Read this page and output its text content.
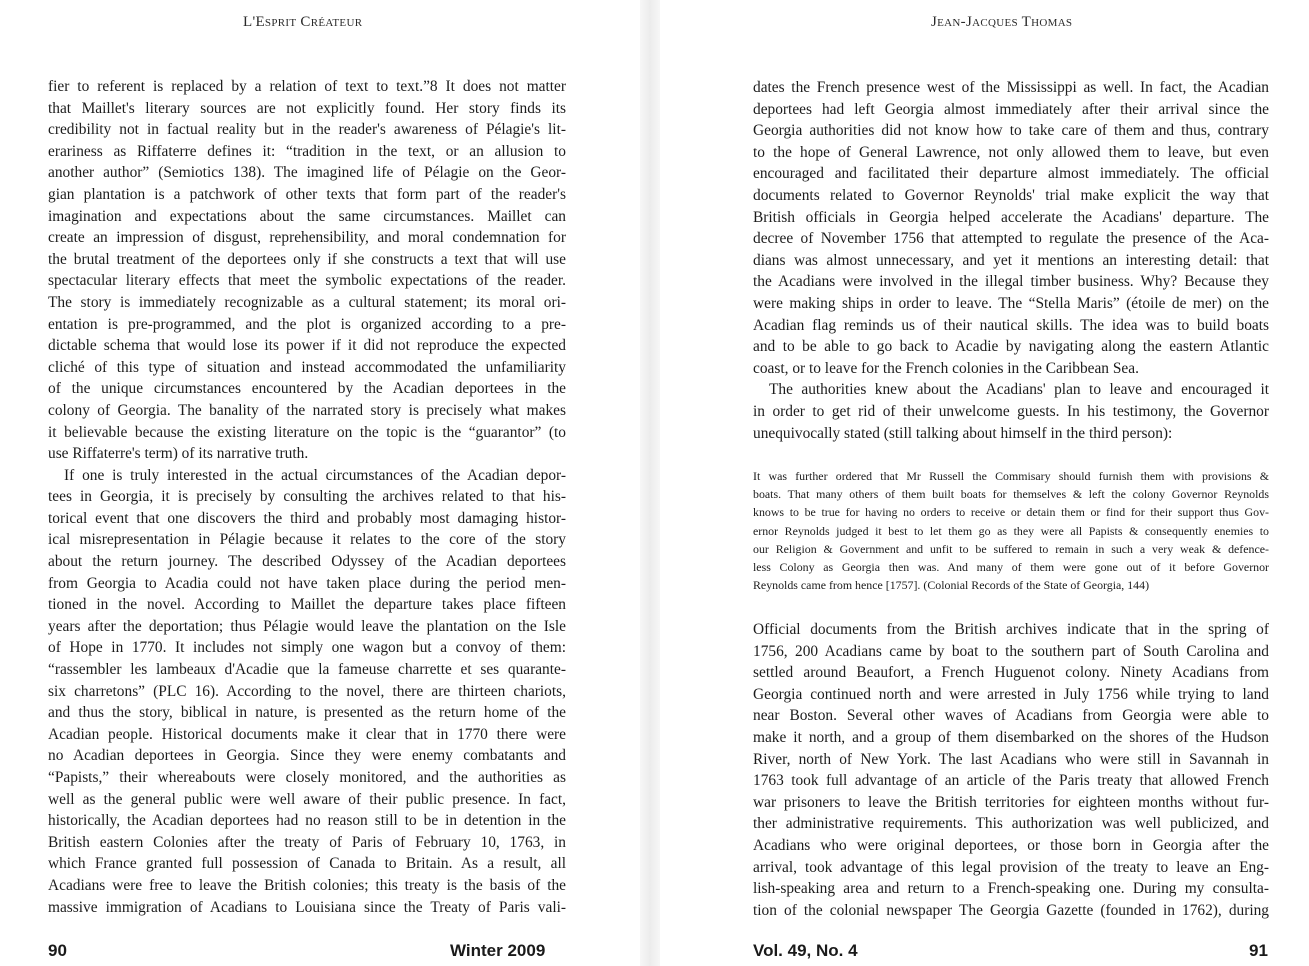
L'Esprit Créateur
fier to referent is replaced by a relation of text to text.”8 It does not matter
that Maillet's literary sources are not explicitly found. Her story finds its
credibility not in factual reality but in the reader's awareness of Pélagie's lit-
erariness as Riffaterre defines it: “tradition in the text, or an allusion to
another author” (Semiotics 138). The imagined life of Pélagie on the Geor-
gian plantation is a patchwork of other texts that form part of the reader's
imagination and expectations about the same circumstances. Maillet can
create an impression of disgust, reprehensibility, and moral condemnation for
the brutal treatment of the deportees only if she constructs a text that will use
spectacular literary effects that meet the symbolic expectations of the reader.
The story is immediately recognizable as a cultural statement; its moral ori-
entation is pre-programmed, and the plot is organized according to a pre-
dictable schema that would lose its power if it did not reproduce the expected
cliché of this type of situation and instead accommodated the unfamiliarity
of the unique circumstances encountered by the Acadian deportees in the
colony of Georgia. The banality of the narrated story is precisely what makes
it believable because the existing literature on the topic is the “guarantor” (to
use Riffaterre's term) of its narrative truth.
If one is truly interested in the actual circumstances of the Acadian depor-
tees in Georgia, it is precisely by consulting the archives related to that his-
torical event that one discovers the third and probably most damaging histor-
ical misrepresentation in Pélagie because it relates to the core of the story
about the return journey. The described Odyssey of the Acadian deportees
from Georgia to Acadia could not have taken place during the period men-
tioned in the novel. According to Maillet the departure takes place fifteen
years after the deportation; thus Pélagie would leave the plantation on the Isle
of Hope in 1770. It includes not simply one wagon but a convoy of them:
“rassembler les lambeaux d'Acadie que la fameuse charrette et ses quarante-
six charretons” (PLC 16). According to the novel, there are thirteen chariots,
and thus the story, biblical in nature, is presented as the return home of the
Acadian people. Historical documents make it clear that in 1770 there were
no Acadian deportees in Georgia. Since they were enemy combatants and
“Papists,” their whereabouts were closely monitored, and the authorities as
well as the general public were well aware of their public presence. In fact,
historically, the Acadian deportees had no reason still to be in detention in the
British eastern Colonies after the treaty of Paris of February 10, 1763, in
which France granted full possession of Canada to Britain. As a result, all
Acadians were free to leave the British colonies; this treaty is the basis of the
massive immigration of Acadians to Louisiana since the Treaty of Paris vali-
90	Winter 2009
Jean-Jacques Thomas
dates the French presence west of the Mississippi as well. In fact, the Acadian
deportees had left Georgia almost immediately after their arrival since the
Georgia authorities did not know how to take care of them and thus, contrary
to the hope of General Lawrence, not only allowed them to leave, but even
encouraged and facilitated their departure almost immediately. The official
documents related to Governor Reynolds' trial make explicit the way that
British officials in Georgia helped accelerate the Acadians' departure. The
decree of November 1756 that attempted to regulate the presence of the Aca-
dians was almost unnecessary, and yet it mentions an interesting detail: that
the Acadians were involved in the illegal timber business. Why? Because they
were making ships in order to leave. The “Stella Maris” (étoile de mer) on the
Acadian flag reminds us of their nautical skills. The idea was to build boats
and to be able to go back to Acadie by navigating along the eastern Atlantic
coast, or to leave for the French colonies in the Caribbean Sea.
The authorities knew about the Acadians' plan to leave and encouraged it
in order to get rid of their unwelcome guests. In his testimony, the Governor
unequivocally stated (still talking about himself in the third person):
It was further ordered that Mr Russell the Commisary should furnish them with provisions &
boats. That many others of them built boats for themselves & left the colony Governor Reynolds
knows to be true for having no orders to receive or detain them or find for their support thus Gov-
ernor Reynolds judged it best to let them go as they were all Papists & consequently enemies to
our Religion & Government and unfit to be suffered to remain in such a very weak & defence-
less Colony as Georgia then was. And many of them were gone out of it before Governor
Reynolds came from hence [1757]. (Colonial Records of the State of Georgia, 144)
Official documents from the British archives indicate that in the spring of
1756, 200 Acadians came by boat to the southern part of South Carolina and
settled around Beaufort, a French Huguenot colony. Ninety Acadians from
Georgia continued north and were arrested in July 1756 while trying to land
near Boston. Several other waves of Acadians from Georgia were able to
make it north, and a group of them disembarked on the shores of the Hudson
River, north of New York. The last Acadians who were still in Savannah in
1763 took full advantage of an article of the Paris treaty that allowed French
war prisoners to leave the British territories for eighteen months without fur-
ther administrative requirements. This authorization was well publicized, and
Acadians who were original deportees, or those born in Georgia after the
arrival, took advantage of this legal provision of the treaty to leave an Eng-
lish-speaking area and return to a French-speaking one. During my consulta-
tion of the colonial newspaper The Georgia Gazette (founded in 1762), during
Vol. 49, No. 4	91
